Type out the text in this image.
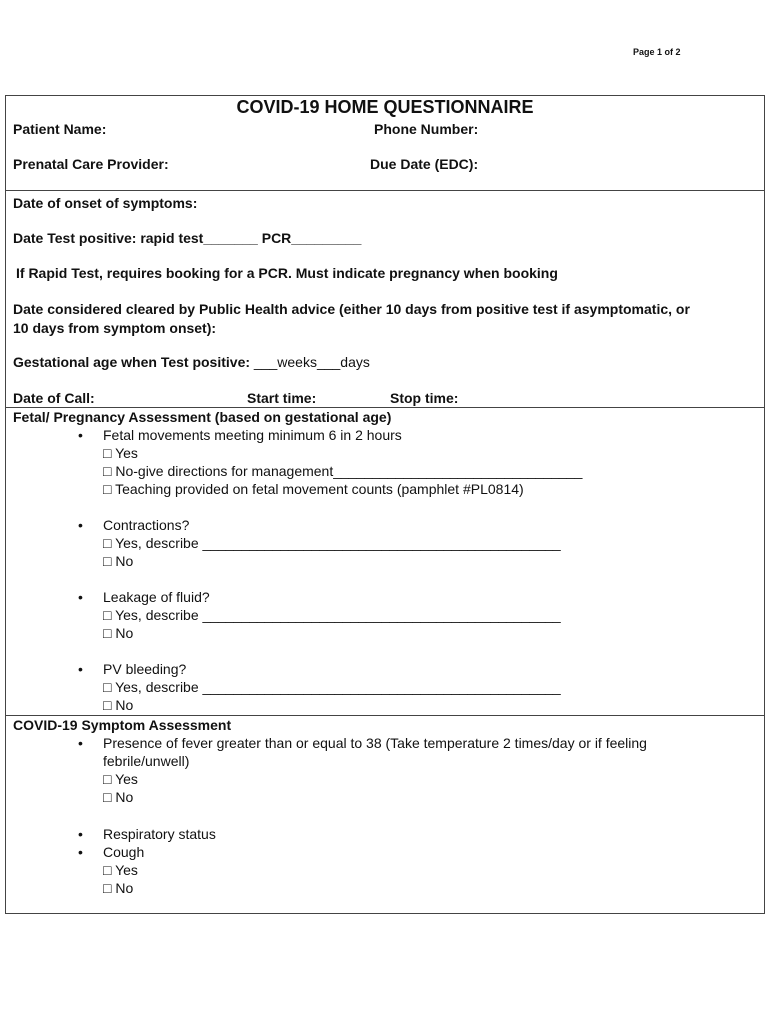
Page 1 of 2
COVID-19 HOME QUESTIONNAIRE
Patient Name:	Phone Number:
Prenatal Care Provider:	Due Date (EDC):
Date of onset of symptoms:
Date Test positive: rapid test_______ PCR_________
If Rapid Test, requires booking for a PCR. Must indicate pregnancy when booking
Date considered cleared by Public Health advice (either 10 days from positive test if asymptomatic, or
10 days from symptom onset):
Gestational age when Test positive: ___weeks___days
Date of Call:	Start time:	Stop time:
Fetal/ Pregnancy Assessment (based on gestational age)
• Fetal movements meeting minimum 6 in 2 hours
□ Yes
□ No-give directions for management________________________________
□ Teaching provided on fetal movement counts (pamphlet #PL0814)
• Contractions?
□ Yes, describe ______________________________________________
□ No
• Leakage of fluid?
□ Yes, describe ______________________________________________
□ No
• PV bleeding?
□ Yes, describe ______________________________________________
□ No
COVID-19 Symptom Assessment
• Presence of fever greater than or equal to 38 (Take temperature 2 times/day or if feeling
febrile/unwell)
□ Yes
□ No
• Respiratory status
• Cough
□ Yes
□ No
